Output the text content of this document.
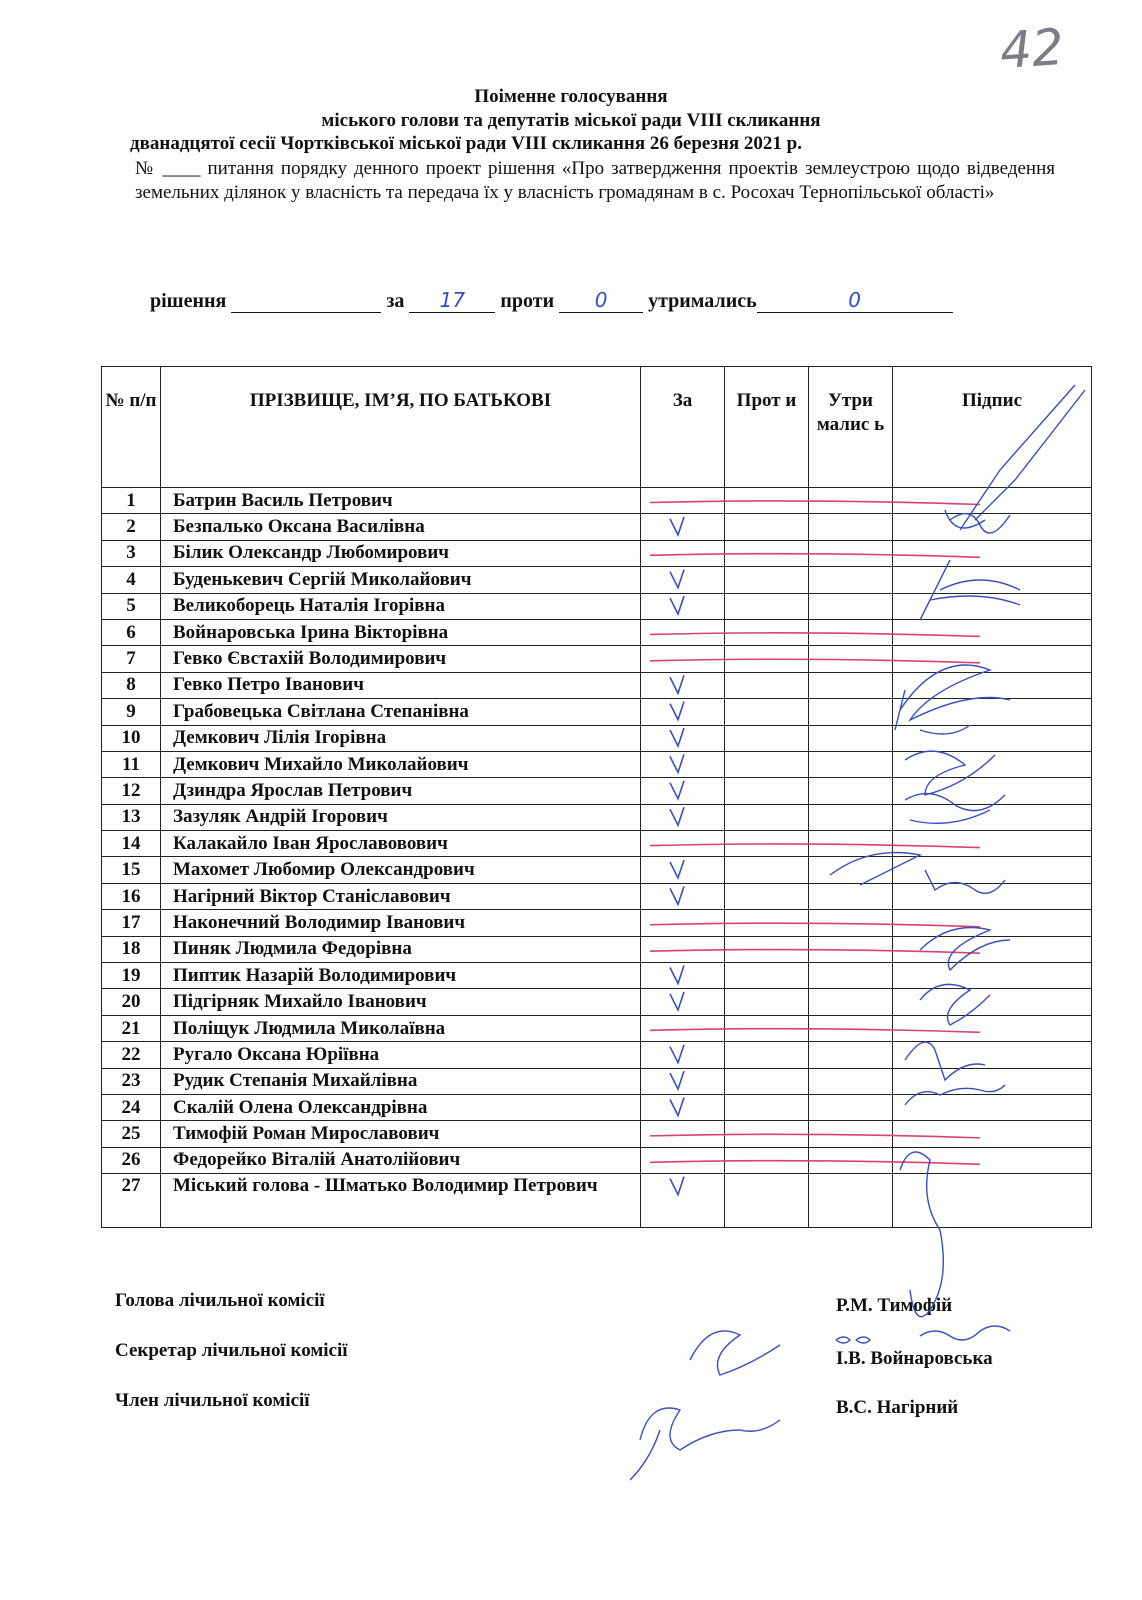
42
Поіменне голосування
міського голови та депутатів міської ради VIII скликання
дванадцятої сесії Чортківської міської ради VIII скликання 26 березня 2021 р.
№ ____ питання порядку денного проект рішення «Про затвердження проектів землеустрою щодо відведення земельних ділянок у власність та передача їх у власність громадянам в с. Росохач Тернопільської області»
рішення	за 17 проти 0 утримались	0
№ п/п	ПРІЗВИЩЕ, ІМ’Я, ПО БАТЬКОВІ	За	Прот и	Утри малис ь	Підпис
1	Батрин Василь Петрович				
2	Безпалько Оксана Василівна				
3	Білик Олександр Любомирович				
4	Буденькевич Сергій Миколайович				
5	Великоборець Наталія Ігорівна				
6	Войнаровська Ірина Вікторівна				
7	Гевко Євстахій Володимирович				
8	Гевко Петро Іванович				
9	Грабовецька Світлана Степанівна				
10	Демкович Лілія Ігорівна				
11	Демкович Михайло Миколайович				
12	Дзиндра Ярослав Петрович				
13	Зазуляк Андрій Ігорович				
14	Калакайло Іван Ярославовович				
15	Махомет Любомир Олександрович				
16	Нагірний Віктор Станіславович				
17	Наконечний Володимир Іванович				
18	Пиняк Людмила Федорівна				
19	Пиптик Назарій Володимирович				
20	Підгірняк Михайло Іванович				
21	Поліщук Людмила Миколаївна				
22	Ругало Оксана Юріївна				
23	Рудик Степанія Михайлівна				
24	Скалій Олена Олександрівна				
25	Тимофій Роман Мирославович				
26	Федорейко Віталій Анатолійович				
27	Міський голова - Шматько Володимир Петрович				
Голова лічильної комісії	Р.М. Тимофій
Секретар лічильної комісії	І.В. Войнаровська
Член лічильної комісії	В.С. Нагірний
